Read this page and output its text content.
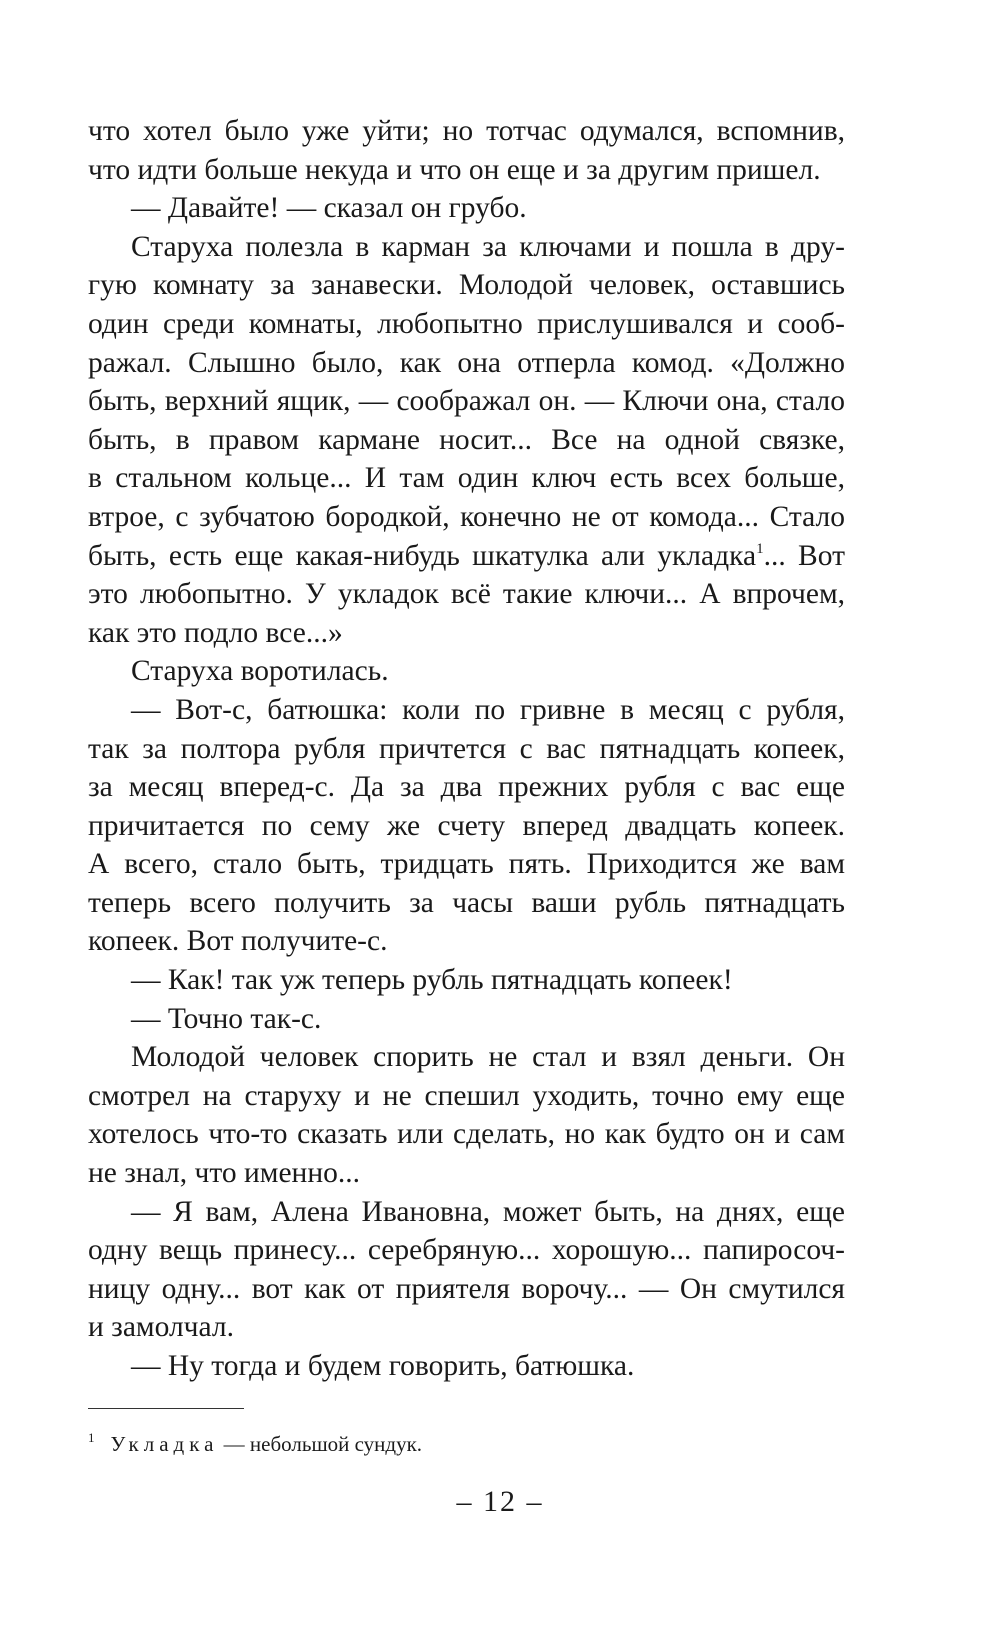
что хотел было уже уйти; но тотчас одумался, вспомнив,
что идти больше некуда и что он еще и за другим пришел.

— Давайте! — сказал он грубо.

Старуха полезла в карман за ключами и пошла в дру-
гую комнату за занавески. Молодой человек, оставшись
один среди комнаты, любопытно прислушивался и сооб-
ражал. Слышно было, как она отперла комод. «Должно
быть, верхний ящик, — соображал он. — Ключи она, стало
быть, в правом кармане носит... Все на одной связке,
в стальном кольце... И там один ключ есть всех больше,
втрое, с зубчатою бородкой, конечно не от комода... Стало
быть, есть еще какая-нибудь шкатулка али укладка$^1$... Вот
это любопытно. У укладок всё такие ключи... А впрочем,
как это подло все...»

Старуха воротилась.

— Вот-с, батюшка: коли по гривне в месяц с рубля,
так за полтора рубля причтется с вас пятнадцать копеек,
за месяц вперед-с. Да за два прежних рубля с вас еще
причитается по сему же счету вперед двадцать копеек.
А всего, стало быть, тридцать пять. Приходится же вам
теперь всего получить за часы ваши рубль пятнадцать
копеек. Вот получите-с.

— Как! так уж теперь рубль пятнадцать копеек!

— Точно так-с.

Молодой человек спорить не стал и взял деньги. Он
смотрел на старуху и не спешил уходить, точно ему еще
хотелось что-то сказать или сделать, но как будто он и сам
не знал, что именно...

— Я вам, Алена Ивановна, может быть, на днях, еще
одну вещь принесу... серебряную... хорошую... папиросоч-
ницу одну... вот как от приятеля ворочу... — Он смутился
и замолчал.

— Ну тогда и будем говорить, батюшка.

$^1$ Укладка — небольшой сундук.
– 12 –
